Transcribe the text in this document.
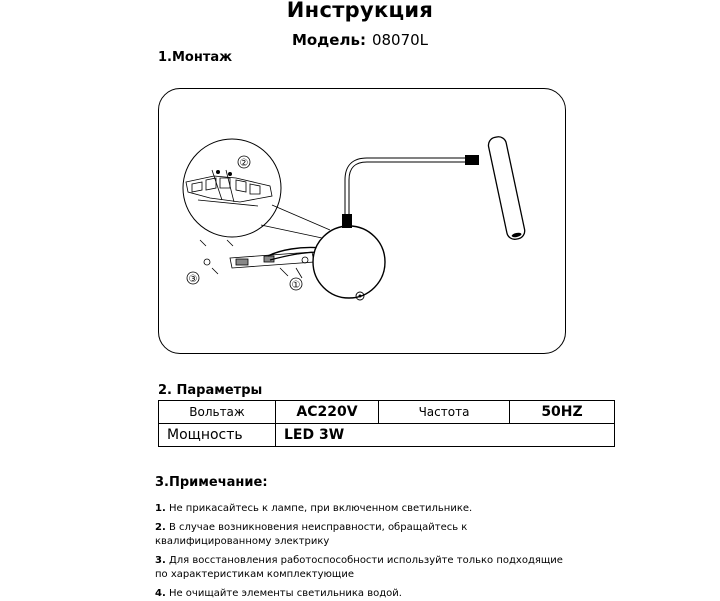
Инструкция
Модель: 08070L
1.Монтаж
②
③
①
2. Параметры
Вольтаж	AC220V	Частота	50HZ
Мощность	LED 3W		
3.Примечание:
1. Не прикасайтесь к лампе, при включенном светильнике.
2. В случае возникновения неисправности, обращайтесь к квалифицированному электрику
3. Для восстановления работоспособности используйте только подходящие по характеристикам комплектующие
4. Не очищайте элементы светильника водой.
